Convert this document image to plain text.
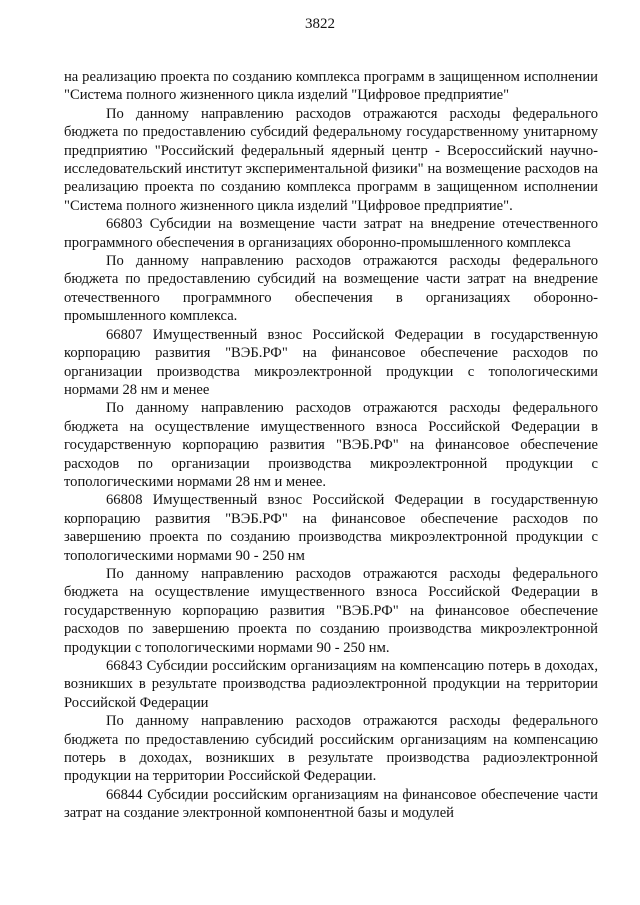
3822

на реализацию проекта по созданию комплекса программ в защищенном исполнении "Система полного жизненного цикла изделий "Цифровое предприятие"

По данному направлению расходов отражаются расходы федерального бюджета по предоставлению субсидий федеральному государственному унитарному предприятию "Российский федеральный ядерный центр - Всероссийский научно-исследовательский институт экспериментальной физики" на возмещение расходов на реализацию проекта по созданию комплекса программ в защищенном исполнении "Система полного жизненного цикла изделий "Цифровое предприятие".

66803 Субсидии на возмещение части затрат на внедрение отечественного программного обеспечения в организациях оборонно-промышленного комплекса

По данному направлению расходов отражаются расходы федерального бюджета по предоставлению субсидий на возмещение части затрат на внедрение отечественного программного обеспечения в организациях оборонно-промышленного комплекса.

66807 Имущественный взнос Российской Федерации в государственную корпорацию развития "ВЭБ.РФ" на финансовое обеспечение расходов по организации производства микроэлектронной продукции с топологическими нормами 28 нм и менее

По данному направлению расходов отражаются расходы федерального бюджета на осуществление имущественного взноса Российской Федерации в государственную корпорацию развития "ВЭБ.РФ" на финансовое обеспечение расходов по организации производства микроэлектронной продукции с топологическими нормами 28 нм и менее.

66808 Имущественный взнос Российской Федерации в государственную корпорацию развития "ВЭБ.РФ" на финансовое обеспечение расходов по завершению проекта по созданию производства микроэлектронной продукции с топологическими нормами 90 - 250 нм

По данному направлению расходов отражаются расходы федерального бюджета на осуществление имущественного взноса Российской Федерации в государственную корпорацию развития "ВЭБ.РФ" на финансовое обеспечение расходов по завершению проекта по созданию производства микроэлектронной продукции с топологическими нормами 90 - 250 нм.

66843 Субсидии российским организациям на компенсацию потерь в доходах, возникших в результате производства радиоэлектронной продукции на территории Российской Федерации

По данному направлению расходов отражаются расходы федерального бюджета по предоставлению субсидий российским организациям на компенсацию потерь в доходах, возникших в результате производства радиоэлектронной продукции на территории Российской Федерации.

66844 Субсидии российским организациям на финансовое обеспечение части затрат на создание электронной компонентной базы и модулей
